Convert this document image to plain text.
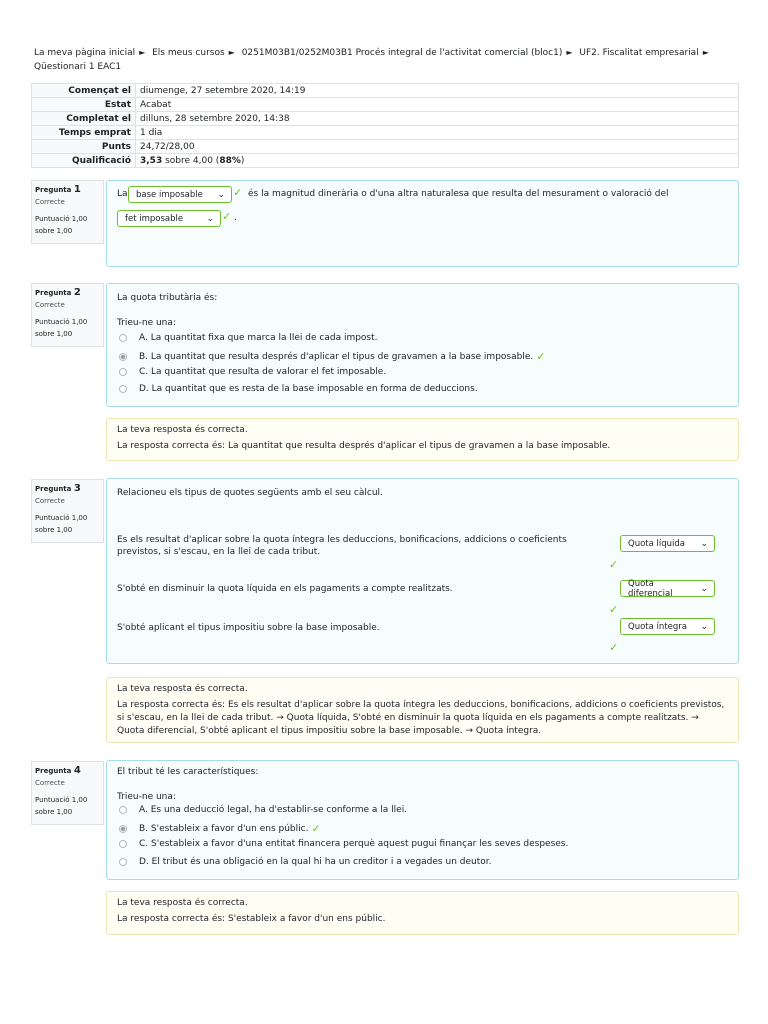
La meva pàgina inicial ► Els meus cursos ► 0251M03B1/0252M03B1 Procés integral de l'activitat comercial (bloc1) ► UF2. Fiscalitat empresarial ► Qüestionari 1 EAC1
Començat el	diumenge, 27 setembre 2020, 14:19
Estat	Acabat
Completat el	dilluns, 28 setembre 2020, 14:38
Temps emprat	1 dia
Punts	24,72/28,00
Qualificació	3,53 sobre 4,00 (88%)
Pregunta 1
Correcte
Puntuació 1,00
sobre 1,00
La base imposable ⌄ ✓ és la magnitud dinerària o d'una altra naturalesa que resulta del mesurament o valoració del
fet imposable	⌄ ✓ .
Pregunta 2
Correcte
Puntuació 1,00
sobre 1,00
La quota tributària és:
Trieu-ne una:
A. La quantitat fixa que marca la llei de cada impost.
B. La quantitat que resulta després d'aplicar el tipus de gravamen a la base imposable. ✓
C. La quantitat que resulta de valorar el fet imposable.
D. La quantitat que es resta de la base imposable en forma de deduccions.
La teva resposta és correcta.
La resposta correcta és: La quantitat que resulta després d'aplicar el tipus de gravamen a la base imposable.
Pregunta 3
Correcte
Puntuació 1,00
sobre 1,00
Relacioneu els tipus de quotes següents amb el seu càlcul.
Es els resultat d'aplicar sobre la quota íntegra les deduccions, bonificacions, addicions o coeficients previstos, si s'escau, en la llei de cada tribut.
Quota líquida ⌄
✓
S'obté en disminuir la quota líquida en els pagaments a compte realitzats.
Quota diferencial	⌄
✓
S'obté aplicant el tipus impositiu sobre la base imposable.	Quota íntegra ⌄
✓
La teva resposta és correcta.
La resposta correcta és: Es els resultat d'aplicar sobre la quota íntegra les deduccions, bonificacions, addicions o coeficients previstos, si s'escau, en la llei de cada tribut. → Quota líquida, S'obté en disminuir la quota líquida en els pagaments a compte realitzats. → Quota diferencial, S'obté aplicant el tipus impositiu sobre la base imposable. → Quota íntegra.
Pregunta 4
Correcte
Puntuació 1,00
sobre 1,00
El tribut té les característiques:
Trieu-ne una:
A. Es una deducció legal, ha d'establir-se conforme a la llei.
B. S'estableix a favor d'un ens públic. ✓
C. S'estableix a favor d'una entitat financera perquè aquest pugui finançar les seves despeses.
D. El tribut és una obligació en la qual hi ha un creditor i a vegades un deutor.
La teva resposta és correcta.
La resposta correcta és: S'estableix a favor d'un ens públic.
